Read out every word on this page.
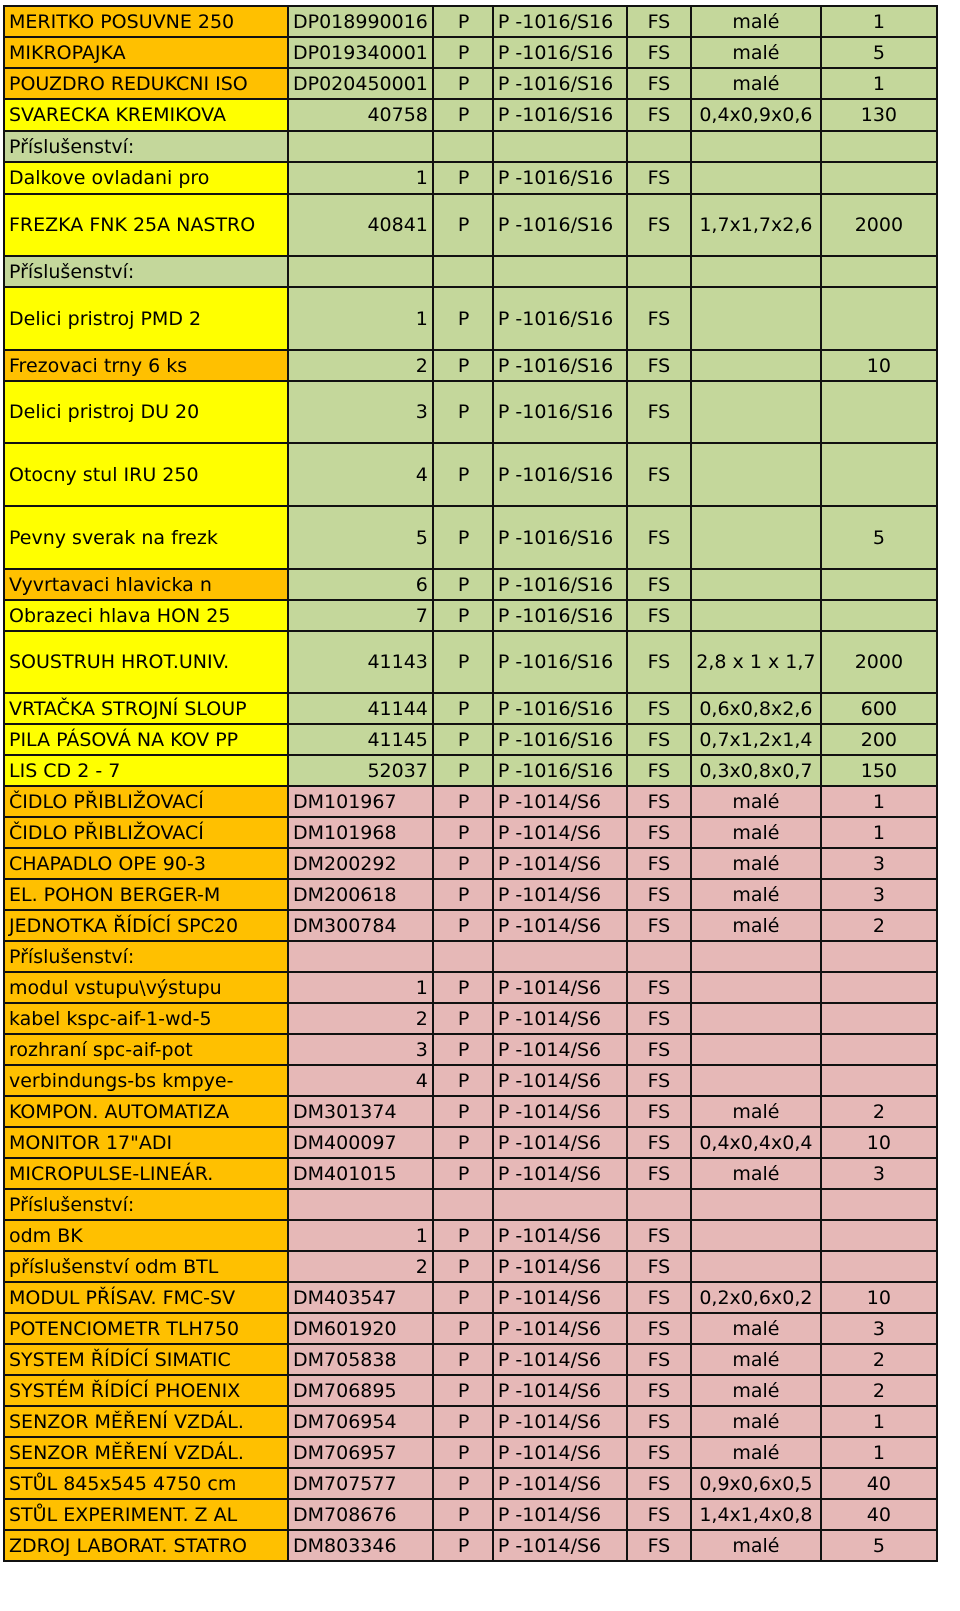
MERITKO POSUVNE 250	DP018990016	P	P -1016/S16	FS	malé	1
MIKROPAJKA	DP019340001	P	P -1016/S16	FS	malé	5
POUZDRO REDUKCNI ISO	DP020450001	P	P -1016/S16	FS	malé	1
SVARECKA KREMIKOVA	40758	P	P -1016/S16	FS	0,4x0,9x0,6	130
Příslušenství:						
Dalkove ovladani pro	1	P	P -1016/S16	FS		
FREZKA FNK 25A NASTRO	40841	P	P -1016/S16	FS	1,7x1,7x2,6	2000
Příslušenství:						
Delici pristroj PMD 2	1	P	P -1016/S16	FS		
Frezovaci trny 6 ks	2	P	P -1016/S16	FS		10
Delici pristroj DU 20	3	P	P -1016/S16	FS		
Otocny stul IRU 250	4	P	P -1016/S16	FS		
Pevny sverak na frezk	5	P	P -1016/S16	FS		5
Vyvrtavaci hlavicka n	6	P	P -1016/S16	FS		
Obrazeci hlava HON 25	7	P	P -1016/S16	FS		
SOUSTRUH HROT.UNIV.	41143	P	P -1016/S16	FS	2,8 x 1 x 1,7	2000
VRTAČKA STROJNÍ SLOUP	41144	P	P -1016/S16	FS	0,6x0,8x2,6	600
PILA PÁSOVÁ NA KOV PP	41145	P	P -1016/S16	FS	0,7x1,2x1,4	200
LIS CD 2 - 7	52037	P	P -1016/S16	FS	0,3x0,8x0,7	150
ČIDLO PŘIBLIŽOVACÍ	DM101967	P	P -1014/S6	FS	malé	1
ČIDLO PŘIBLIŽOVACÍ	DM101968	P	P -1014/S6	FS	malé	1
CHAPADLO OPE 90-3	DM200292	P	P -1014/S6	FS	malé	3
EL. POHON BERGER-M	DM200618	P	P -1014/S6	FS	malé	3
JEDNOTKA ŘÍDÍCÍ SPC20	DM300784	P	P -1014/S6	FS	malé	2
Příslušenství:						
modul vstupu\výstupu	1	P	P -1014/S6	FS		
kabel kspc-aif-1-wd-5	2	P	P -1014/S6	FS		
rozhraní spc-aif-pot	3	P	P -1014/S6	FS		
verbindungs-bs kmpye-	4	P	P -1014/S6	FS		
KOMPON. AUTOMATIZA	DM301374	P	P -1014/S6	FS	malé	2
MONITOR 17"ADI	DM400097	P	P -1014/S6	FS	0,4x0,4x0,4	10
MICROPULSE-LINEÁR.	DM401015	P	P -1014/S6	FS	malé	3
Příslušenství:						
odm BK	1	P	P -1014/S6	FS		
příslušenství odm BTL	2	P	P -1014/S6	FS		
MODUL PŘÍSAV. FMC-SV	DM403547	P	P -1014/S6	FS	0,2x0,6x0,2	10
POTENCIOMETR TLH750	DM601920	P	P -1014/S6	FS	malé	3
SYSTEM ŘÍDÍCÍ SIMATIC	DM705838	P	P -1014/S6	FS	malé	2
SYSTÉM ŘÍDÍCÍ PHOENIX	DM706895	P	P -1014/S6	FS	malé	2
SENZOR MĚŘENÍ VZDÁL.	DM706954	P	P -1014/S6	FS	malé	1
SENZOR MĚŘENÍ VZDÁL.	DM706957	P	P -1014/S6	FS	malé	1
STŮL 845x545 4750 cm	DM707577	P	P -1014/S6	FS	0,9x0,6x0,5	40
STŮL EXPERIMENT. Z AL	DM708676	P	P -1014/S6	FS	1,4x1,4x0,8	40
ZDROJ LABORAT. STATRO	DM803346	P	P -1014/S6	FS	malé	5
